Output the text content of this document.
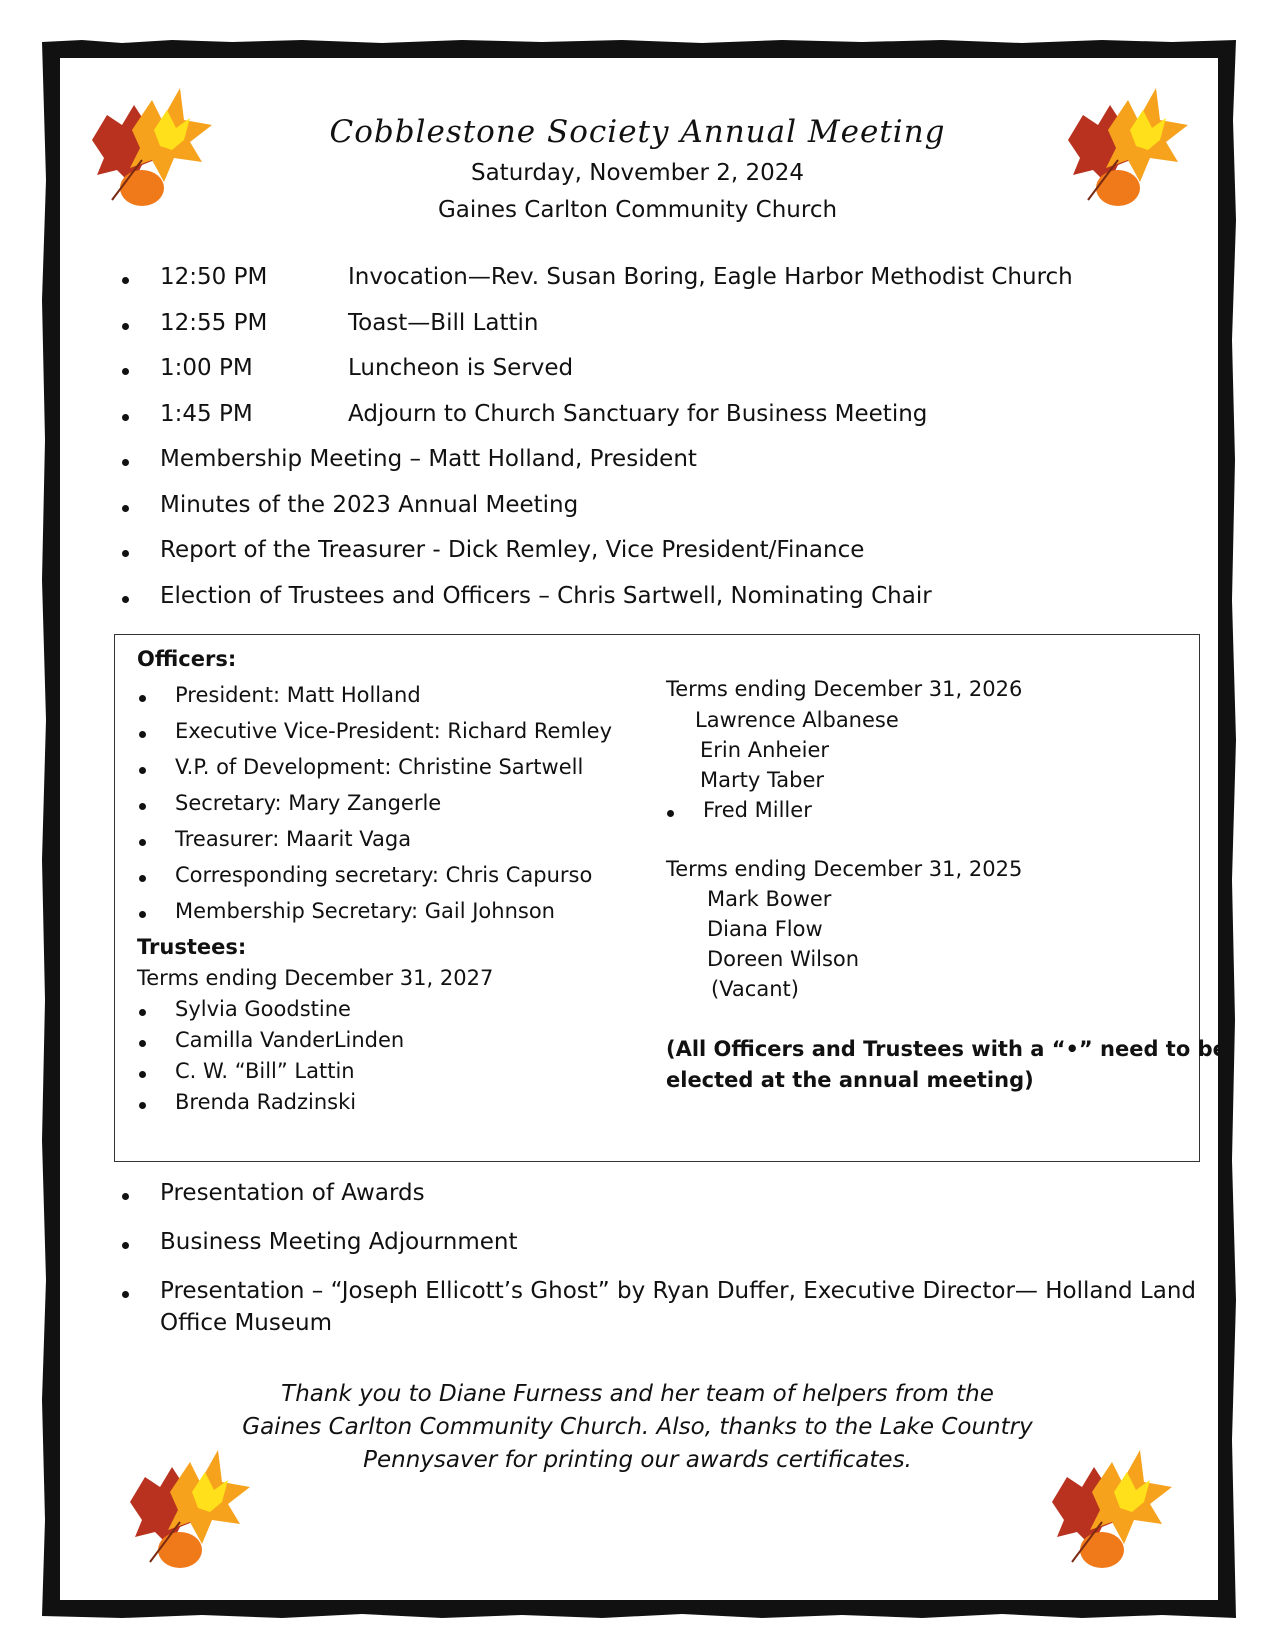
Cobblestone Society Annual Meeting
Saturday, November 2, 2024
Gaines Carlton Community Church
12:50 PM	Invocation—Rev. Susan Boring, Eagle Harbor Methodist Church
12:55 PM	Toast—Bill Lattin
1:00 PM	Luncheon is Served
1:45 PM	Adjourn to Church Sanctuary for Business Meeting
Membership Meeting – Matt Holland, President
Minutes of the 2023 Annual Meeting
Report of the Treasurer - Dick Remley, Vice President/Finance
Election of Trustees and Officers – Chris Sartwell, Nominating Chair
Officers:
President: Matt Holland
Executive Vice-President: Richard Remley
V.P. of Development: Christine Sartwell
Secretary: Mary Zangerle
Treasurer: Maarit Vaga
Corresponding secretary: Chris Capurso
Membership Secretary: Gail Johnson
Trustees:
Terms ending December 31, 2027
Sylvia Goodstine
Camilla VanderLinden
C. W. “Bill” Lattin
Brenda Radzinski
Terms ending December 31, 2026
Lawrence Albanese
Erin Anheier
Marty Taber
Fred Miller
Terms ending December 31, 2025
Mark Bower
Diana Flow
Doreen Wilson
(Vacant)
(All Officers and Trustees with a “•” need to be
elected at the annual meeting)
Presentation of Awards
Business Meeting Adjournment
Presentation – “Joseph Ellicott’s Ghost” by Ryan Duffer, Executive Director— Holland Land
Office Museum
Thank you to Diane Furness and her team of helpers from the
Gaines Carlton Community Church. Also, thanks to the Lake Country
Pennysaver for printing our awards certificates.
